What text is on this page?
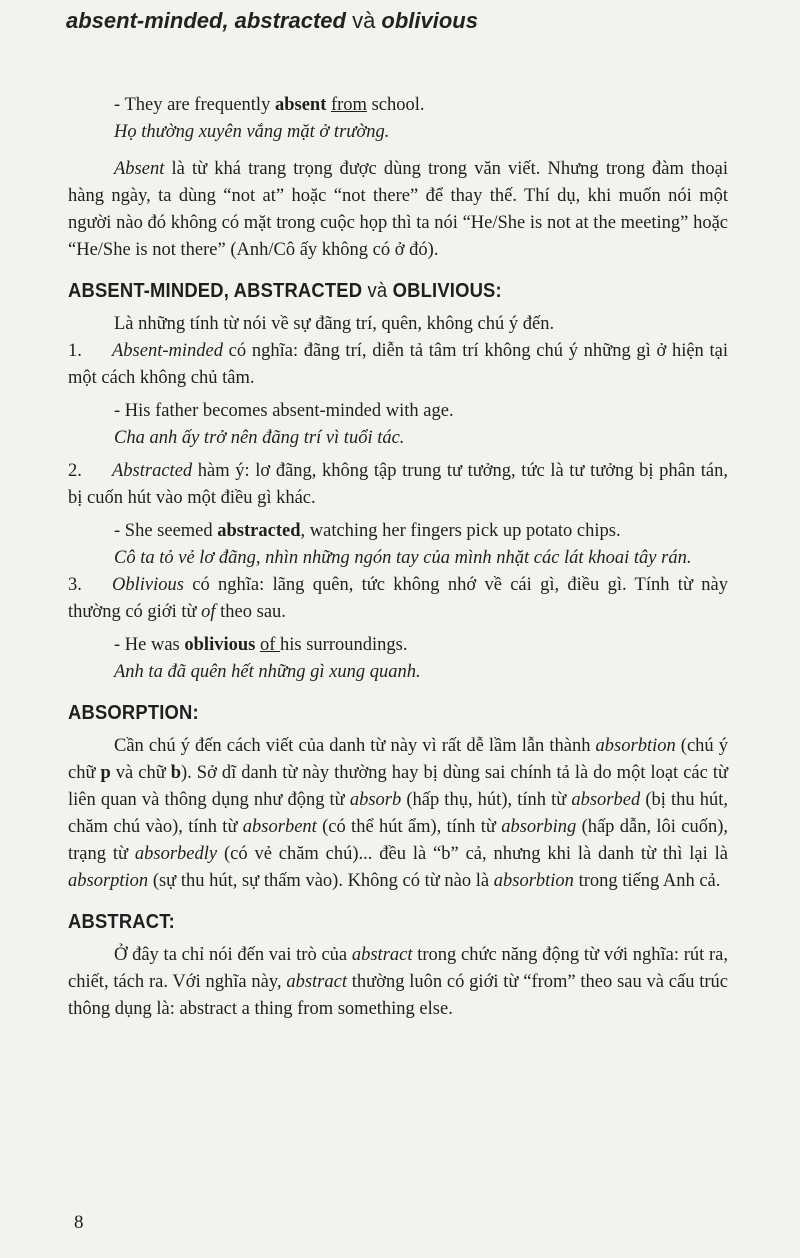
absent-minded, abstracted và oblivious

- They are frequently absent from school.

Họ thường xuyên vắng mặt ở trường.

Absent là từ khá trang trọng được dùng trong văn viết. Nhưng trong đàm thoại hàng ngày, ta dùng “not at” hoặc “not there” để thay thế. Thí dụ, khi muốn nói một người nào đó không có mặt trong cuộc họp thì ta nói “He/She is not at the meeting” hoặc “He/She is not there” (Anh/Cô ấy không có ở đó).

ABSENT-MINDED, ABSTRACTED và OBLIVIOUS:

Là những tính từ nói về sự đãng trí, quên, không chú ý đến.

1. Absent-minded có nghĩa: đãng trí, diễn tả tâm trí không chú ý những gì ở hiện tại một cách không chủ tâm.

- His father becomes absent-minded with age.

Cha anh ấy trở nên đãng trí vì tuổi tác.

2. Abstracted hàm ý: lơ đãng, không tập trung tư tưởng, tức là tư tưởng bị phân tán, bị cuốn hút vào một điều gì khác.

- She seemed abstracted, watching her fingers pick up potato chips.

Cô ta tỏ vẻ lơ đãng, nhìn những ngón tay của mình nhặt các lát khoai tây rán.

3. Oblivious có nghĩa: lãng quên, tức không nhớ về cái gì, điều gì. Tính từ này thường có giới từ of theo sau.

- He was oblivious of his surroundings.

Anh ta đã quên hết những gì xung quanh.

ABSORPTION:

Cần chú ý đến cách viết của danh từ này vì rất dễ lầm lẫn thành absorbtion (chú ý chữ p và chữ b). Sở dĩ danh từ này thường hay bị dùng sai chính tả là do một loạt các từ liên quan và thông dụng như động từ absorb (hấp thụ, hút), tính từ absorbed (bị thu hút, chăm chú vào), tính từ absorbent (có thể hút ẩm), tính từ absorbing (hấp dẫn, lôi cuốn), trạng từ absorbedly (có vẻ chăm chú)... đều là “b” cả, nhưng khi là danh từ thì lại là absorption (sự thu hút, sự thấm vào). Không có từ nào là absorbtion trong tiếng Anh cả.

ABSTRACT:

Ở đây ta chỉ nói đến vai trò của abstract trong chức năng động từ với nghĩa: rút ra, chiết, tách ra. Với nghĩa này, abstract thường luôn có giới từ “from” theo sau và cấu trúc thông dụng là: abstract a thing from something else.

8
